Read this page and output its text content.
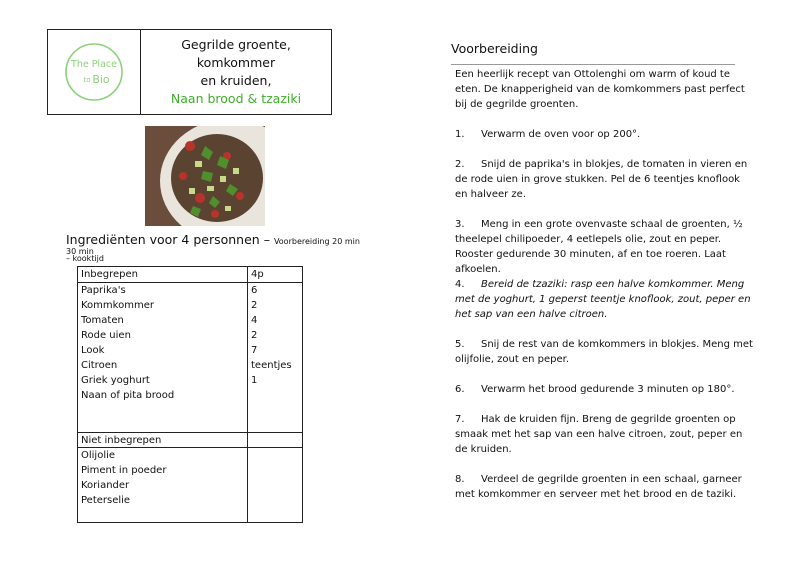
The Place
to Bio
Gegrilde groente, komkommer
en kruiden,
Naan brood & tzaziki
Ingrediënten voor 4 personnen – Voorbereiding 20 min – kooktijd
30 min
Inbegrepen	4p
Paprika's	6
Kommkommer	2
Tomaten	4
Rode uien	2
Look	7
Citroen	teentjes
Griek yoghurt	1
Naan of pita brood
Niet inbegrepen
Olijolie
Piment in poeder
Koriander
Peterselie
Voorbereiding
Een heerlijk recept van Ottolenghi om warm of koud te eten. De knapperigheid van de komkommers past perfect bij de gegrilde groenten.
1. Verwarm de oven voor op 200°.
2. Snijd de paprika's in blokjes, de tomaten in vieren en de rode uien in grove stukken. Pel de 6 teentjes knoflook en halveer ze.
3. Meng in een grote ovenvaste schaal de groenten, ½ theelepel chilipoeder, 4 eetlepels olie, zout en peper. Rooster gedurende 30 minuten, af en toe roeren. Laat afkoelen.
4. Bereid de tzaziki: rasp een halve komkommer. Meng met de yoghurt, 1 geperst teentje knoflook, zout, peper en het sap van een halve citroen.
5. Snij de rest van de komkommers in blokjes. Meng met olijfolie, zout en peper.
6. Verwarm het brood gedurende 3 minuten op 180°.
7. Hak de kruiden fijn. Breng de gegrilde groenten op smaak met het sap van een halve citroen, zout, peper en de kruiden.
8. Verdeel de gegrilde groenten in een schaal, garneer met komkommer en serveer met het brood en de taziki.
